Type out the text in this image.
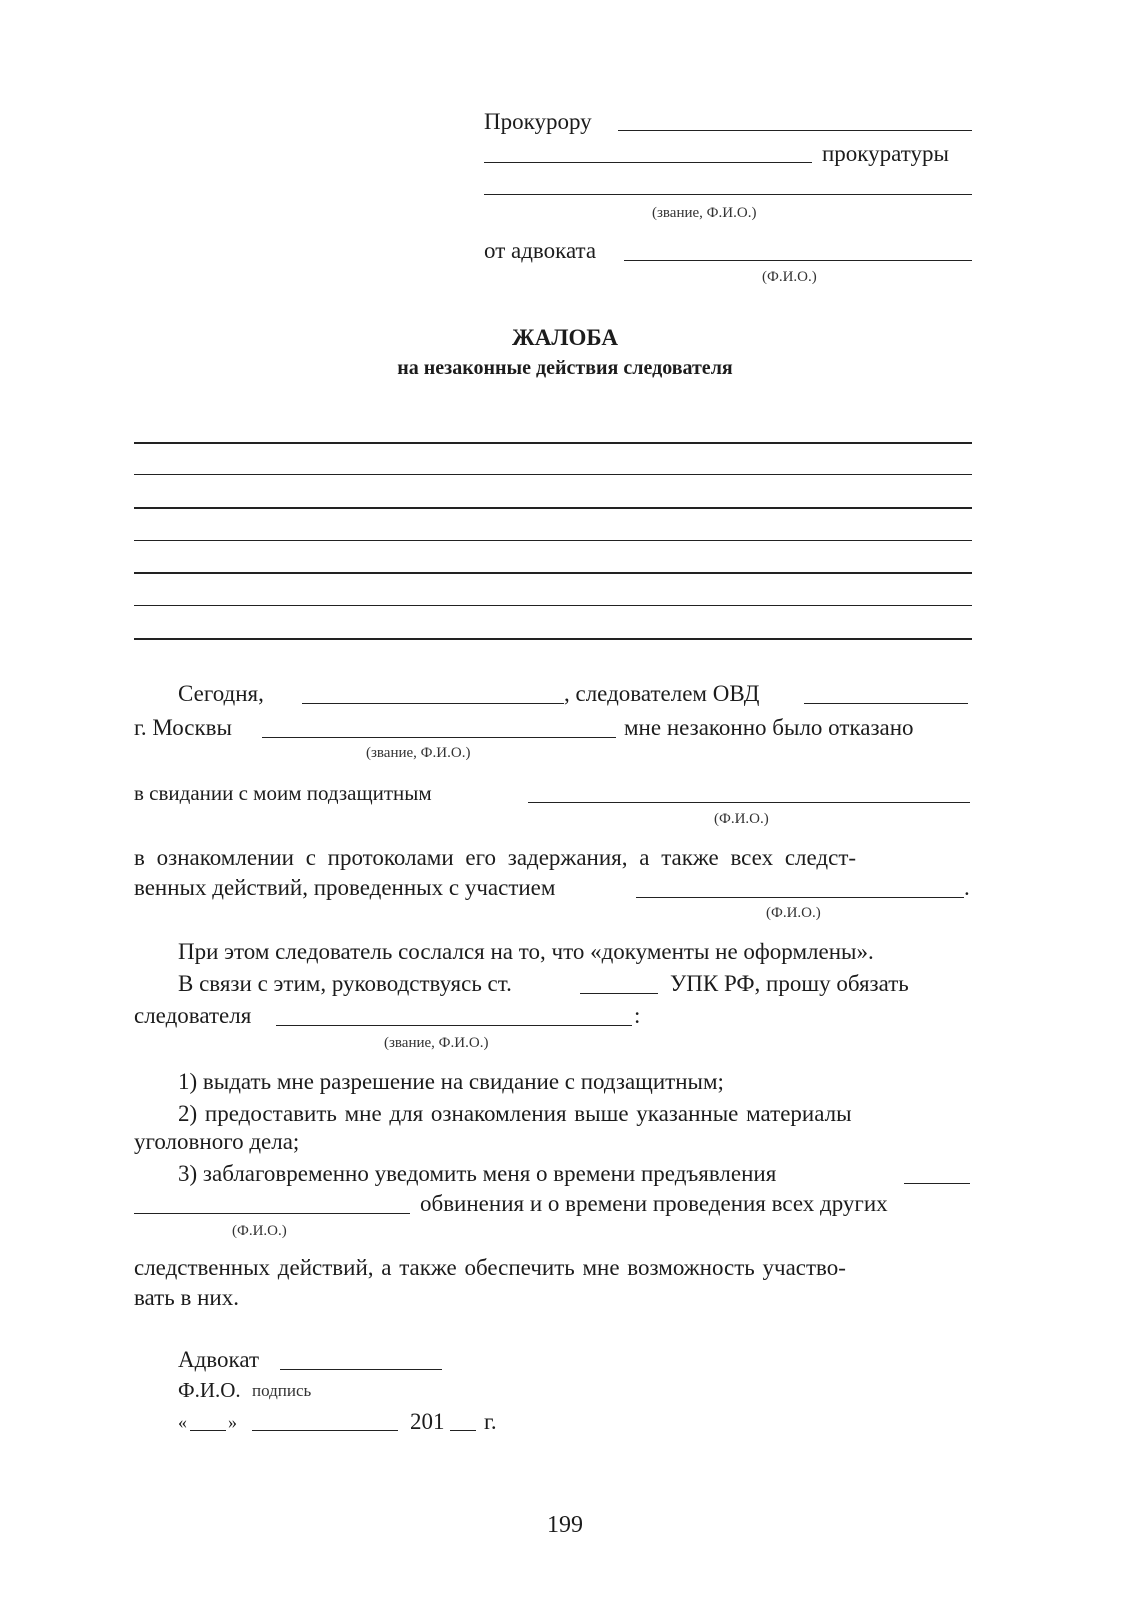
Прокурору
прокуратуры
(звание, Ф.И.О.)
от адвоката
(Ф.И.О.)
ЖАЛОБА
на незаконные действия следователя
Сегодня,	, следователем ОВД
г. Москвы	мне незаконно было отказано
(звание, Ф.И.О.)
в свидании с моим подзащитным
(Ф.И.О.)
в ознакомлении с протоколами его задержания, а также всех следст-
венных действий, проведенных с участием	.
(Ф.И.О.)
При этом следователь сослался на то, что «документы не оформлены».
В связи с этим, руководствуясь ст.	УПК РФ, прошу обязать
следователя	:
(звание, Ф.И.О.)
1) выдать мне разрешение на свидание с подзащитным;
2) предоставить мне для ознакомления выше указанные материалы
уголовного дела;
3) заблаговременно уведомить меня о времени предъявления
обвинения и о времени проведения всех других
(Ф.И.О.)
следственных действий, а также обеспечить мне возможность участво-
вать в них.
Адвокат
Ф.И.О. подпись
« »	201 г.
199
